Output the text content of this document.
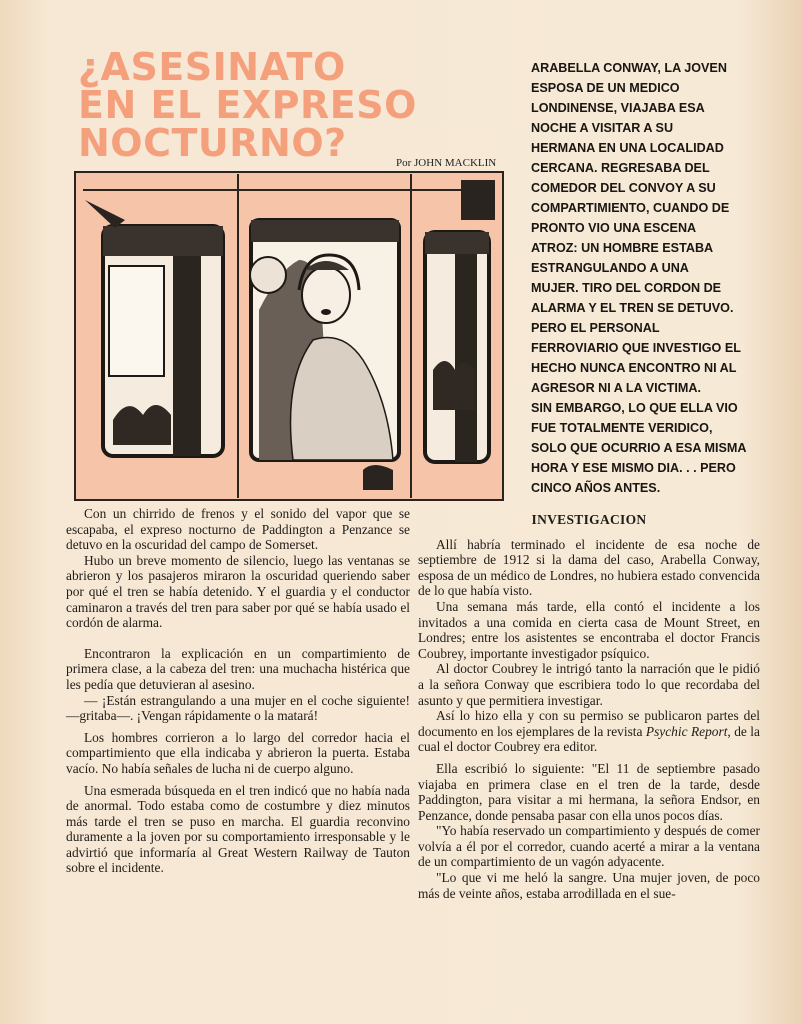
¿ASESINATO
EN EL EXPRESO
NOCTURNO?	Por JOHN MACKLIN
ARABELLA CONWAY, LA JOVEN
ESPOSA DE UN MEDICO
LONDINENSE, VIAJABA ESA
NOCHE A VISITAR A SU
HERMANA EN UNA LOCALIDAD
CERCANA. REGRESABA DEL
COMEDOR DEL CONVOY A SU
COMPARTIMIENTO, CUANDO DE
PRONTO VIO UNA ESCENA
ATROZ: UN HOMBRE ESTABA
ESTRANGULANDO A UNA
MUJER. TIRO DEL CORDON DE
ALARMA Y EL TREN SE DETUVO.
PERO EL PERSONAL
FERROVIARIO QUE INVESTIGO EL
HECHO NUNCA ENCONTRO NI AL
AGRESOR NI A LA VICTIMA.
SIN EMBARGO, LO QUE ELLA VIO
FUE TOTALMENTE VERIDICO,
SOLO QUE OCURRIO A ESA MISMA
HORA Y ESE MISMO DIA. . . PERO
CINCO AÑOS ANTES.

Con un chirrido de frenos y el sonido del vapor que se escapaba, el expreso nocturno de Paddington a Penzance se detuvo en la oscuridad del campo de Somerset.

Hubo un breve momento de silencio, luego las ventanas se abrieron y los pasajeros miraron la oscuridad queriendo saber por qué el tren se había detenido. Y el guardia y el conductor caminaron a través del tren para saber por qué se había usado el cordón de alarma.

Encontraron la explicación en un compartimiento de primera clase, a la cabeza del tren: una muchacha histérica que les pedía que detuvieran al asesino.

— ¡Están estrangulando a una mujer en el coche siguiente! —gritaba—. ¡Vengan rápidamente o la matará!

Los hombres corrieron a lo largo del corredor hacia el compartimiento que ella indicaba y abrieron la puerta. Estaba vacío. No había señales de lucha ni de cuerpo alguno.

Una esmerada búsqueda en el tren indicó que no había nada de anormal. Todo estaba como de costumbre y diez minutos más tarde el tren se puso en marcha. El guardia reconvino duramente a la joven por su comportamiento irresponsable y le advirtió que informaría al Great Western Railway de Tauton sobre el incidente.

INVESTIGACION

Allí habría terminado el incidente de esa noche de septiembre de 1912 si la dama del caso, Arabella Conway, esposa de un médico de Londres, no hubiera estado convencida de lo que había visto.

Una semana más tarde, ella contó el incidente a los invitados a una comida en cierta casa de Mount Street, en Londres; entre los asistentes se encontraba el doctor Francis Coubrey, importante investigador psíquico.

Al doctor Coubrey le intrigó tanto la narración que le pidió a la señora Conway que escribiera todo lo que recordaba del asunto y que permitiera investigar.

Así lo hizo ella y con su permiso se publicaron partes del documento en los ejemplares de la revista Psychic Report, de la cual el doctor Coubrey era editor.

Ella escribió lo siguiente: "El 11 de septiembre pasado viajaba en primera clase en el tren de la tarde, desde Paddington, para visitar a mi hermana, la señora Endsor, en Penzance, donde pensaba pasar con ella unos pocos días.

"Yo había reservado un compartimiento y después de comer volvía a él por el corredor, cuando acerté a mirar a la ventana de un compartimiento de un vagón adyacente.

"Lo que vi me heló la sangre. Una mujer joven, de poco más de veinte años, estaba arrodillada en el sue-
